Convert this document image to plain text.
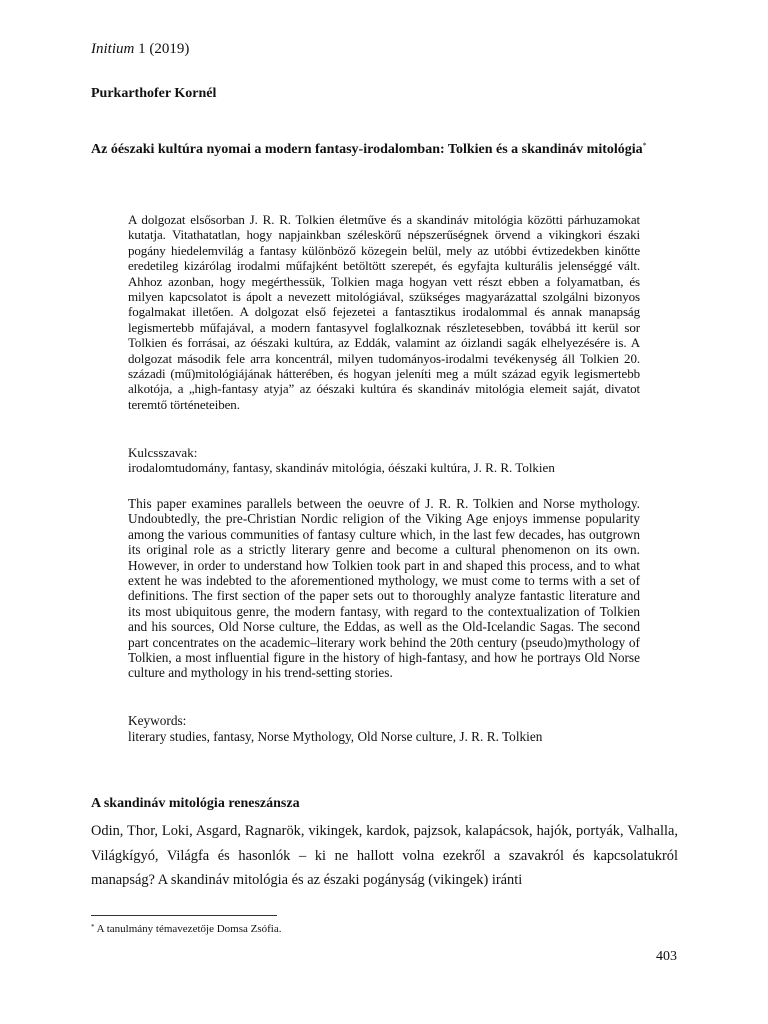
Initium 1 (2019)
Purkarthofer Kornél
Az óészaki kultúra nyomai a modern fantasy-irodalomban: Tolkien és a skandináv mitológia*
A dolgozat elsősorban J. R. R. Tolkien életműve és a skandináv mitológia közötti párhuzamokat kutatja. Vitathatatlan, hogy napjainkban széleskörű népszerűségnek örvend a vikingkori északi pogány hiedelemvilág a fantasy különböző közegein belül, mely az utóbbi évtizedekben kinőtte eredetileg kizárólag irodalmi műfajként betöltött szerepét, és egyfajta kulturális jelenséggé vált. Ahhoz azonban, hogy megérthessük, Tolkien maga hogyan vett részt ebben a folyamatban, és milyen kapcsolatot is ápolt a nevezett mitológiával, szükséges magyarázattal szolgálni bizonyos fogalmakat illetően. A dolgozat első fejezetei a fantasztikus irodalommal és annak manapság legismertebb műfajával, a modern fantasyvel foglalkoznak részletesebben, továbbá itt kerül sor Tolkien és forrásai, az óészaki kultúra, az Eddák, valamint az óizlandi sagák elhelyezésére is. A dolgozat második fele arra koncentrál, milyen tudományos-irodalmi tevékenység áll Tolkien 20. századi (mű)mitológiájának hátterében, és hogyan jeleníti meg a múlt század egyik legismertebb alkotója, a „high-fantasy atyja” az óészaki kultúra és skandináv mitológia elemeit saját, divatot teremtő történeteiben.
Kulcsszavak:
irodalomtudomány, fantasy, skandináv mitológia, óészaki kultúra, J. R. R. Tolkien
This paper examines parallels between the oeuvre of J. R. R. Tolkien and Norse mythology. Undoubtedly, the pre-Christian Nordic religion of the Viking Age enjoys immense popularity among the various communities of fantasy culture which, in the last few decades, has outgrown its original role as a strictly literary genre and become a cultural phenomenon on its own. However, in order to understand how Tolkien took part in and shaped this process, and to what extent he was indebted to the aforementioned mythology, we must come to terms with a set of definitions. The first section of the paper sets out to thoroughly analyze fantastic literature and its most ubiquitous genre, the modern fantasy, with regard to the contextualization of Tolkien and his sources, Old Norse culture, the Eddas, as well as the Old-Icelandic Sagas. The second part concentrates on the academic–literary work behind the 20th century (pseudo)mythology of Tolkien, a most influential figure in the history of high-fantasy, and how he portrays Old Norse culture and mythology in his trend-setting stories.
Keywords:
literary studies, fantasy, Norse Mythology, Old Norse culture, J. R. R. Tolkien
A skandináv mitológia reneszánsza
Odin, Thor, Loki, Asgard, Ragnarök, vikingek, kardok, pajzsok, kalapácsok, hajók, portyák, Valhalla, Világkígyó, Világfa és hasonlók – ki ne hallott volna ezekről a szavakról és kapcsolatukról manapság? A skandináv mitológia és az északi pogányság (vikingek) iránti
* A tanulmány témavezetője Domsa Zsófia.
403
